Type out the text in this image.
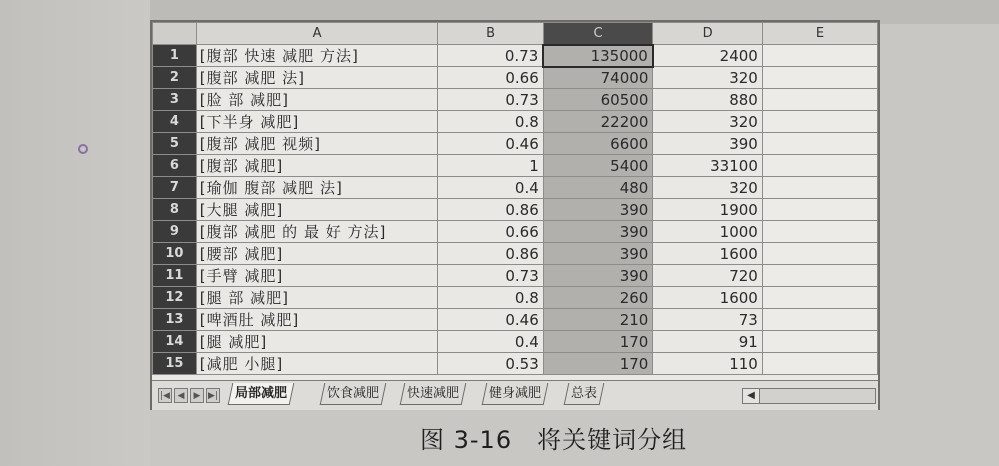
	A	B	C	D	E
1	[腹部 快速 减肥 方法]	0.73	135000	2400	
2	[腹部 减肥 法]	0.66	74000	320	
3	[脸 部 减肥]	0.73	60500	880	
4	[下半身 减肥]	0.8	22200	320	
5	[腹部 减肥 视频]	0.46	6600	390	
6	[腹部 减肥]	1	5400	33100	
7	[瑜伽 腹部 减肥 法]	0.4	480	320	
8	[大腿 减肥]	0.86	390	1900	
9	[腹部 减肥 的 最 好 方法]	0.66	390	1000	
10	[腰部 减肥]	0.86	390	1600	
11	[手臂 减肥]	0.73	390	720	
12	[腿 部 减肥]	0.8	260	1600	
13	[啤酒肚 减肥]	0.46	210	73	
14	[腿 减肥]	0.4	170	91	
15	[减肥 小腿]	0.53	170	110	
|◀ ◀	▶ ▶|	局部减肥	饮食减肥	快速减肥	健身减肥	总表	◀
图 3-16　将关键词分组
